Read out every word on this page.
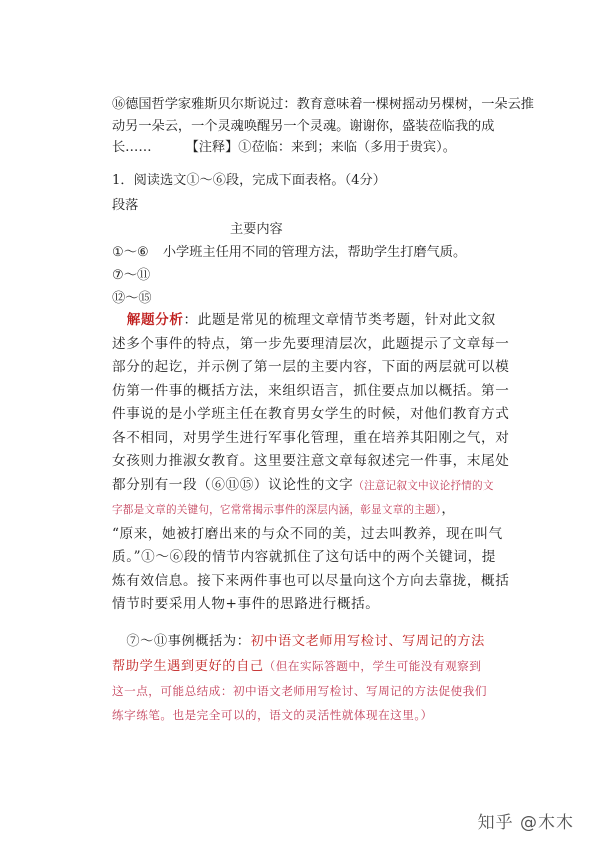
⑯德国哲学家雅斯贝尔斯说过：教育意味着一棵树摇动另棵树，一朵云推
动另一朵云，一个灵魂唤醒另一个灵魂。谢谢你，盛装莅临我的成
长……	【注释】①莅临：来到；来临（多用于贵宾）。
1．阅读选文①～⑥段，完成下面表格。（4分）
段落
主要内容
①～⑥ 小学班主任用不同的管理方法，帮助学生打磨气质。
⑦～⑪
⑫～⑮
解题分析：此题是常见的梳理文章情节类考题，针对此文叙
述多个事件的特点，第一步先要理清层次，此题提示了文章每一
部分的起讫，并示例了第一层的主要内容，下面的两层就可以模
仿第一件事的概括方法，来组织语言，抓住要点加以概括。第一
件事说的是小学班主任在教育男女学生的时候，对他们教育方式
各不相同，对男学生进行军事化管理，重在培养其阳刚之气，对
女孩则力推淑女教育。这里要注意文章每叙述完一件事，末尾处
都分别有一段（⑥⑪⑮）议论性的文字（注意记叙文中议论抒情的文
字都是文章的关键句，它常常揭示事件的深层内涵，彰显文章的主题），
“原来，她被打磨出来的与众不同的美，过去叫教养，现在叫气
质。”①～⑥段的情节内容就抓住了这句话中的两个关键词，提
炼有效信息。接下来两件事也可以尽量向这个方向去靠拢，概括
情节时要采用人物+事件的思路进行概括。
⑦～⑪事例概括为：初中语文老师用写检讨、写周记的方法
帮助学生遇到更好的自己（但在实际答题中，学生可能没有观察到
这一点，可能总结成：初中语文老师用写检讨、写周记的方法促使我们
练字练笔。也是完全可以的，语文的灵活性就体现在这里。）
知乎 @木木
